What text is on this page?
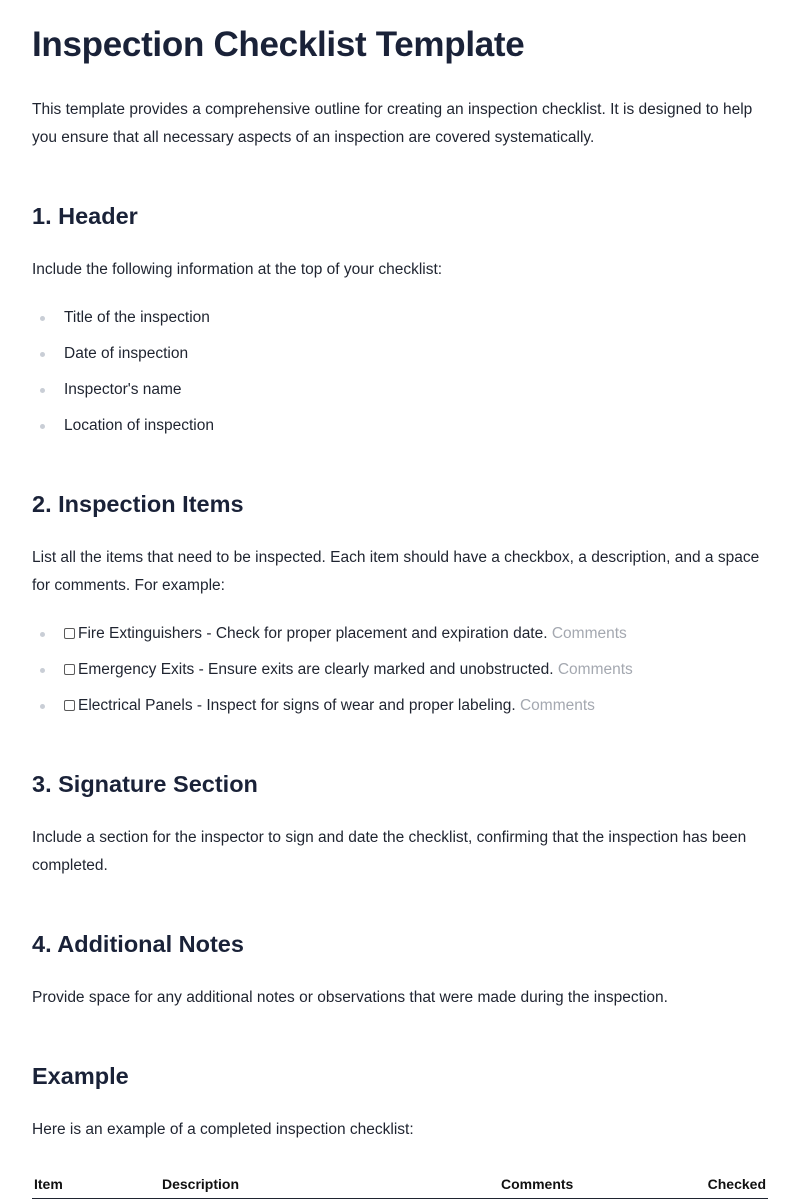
Inspection Checklist Template

This template provides a comprehensive outline for creating an inspection checklist. It is designed to help you ensure that all necessary aspects of an inspection are covered systematically.

1. Header

Include the following information at the top of your checklist:

Title of the inspection
Date of inspection
Inspector's name
Location of inspection
2. Inspection Items

List all the items that need to be inspected. Each item should have a checkbox, a description, and a space for comments. For example:

Fire Extinguishers - Check for proper placement and expiration date. Comments
Emergency Exits - Ensure exits are clearly marked and unobstructed. Comments
Electrical Panels - Inspect for signs of wear and proper labeling. Comments
3. Signature Section

Include a section for the inspector to sign and date the checklist, confirming that the inspection has been completed.

4. Additional Notes

Provide space for any additional notes or observations that were made during the inspection.

Example

Here is an example of a completed inspection checklist:

Item	Description	Comments	Checked
